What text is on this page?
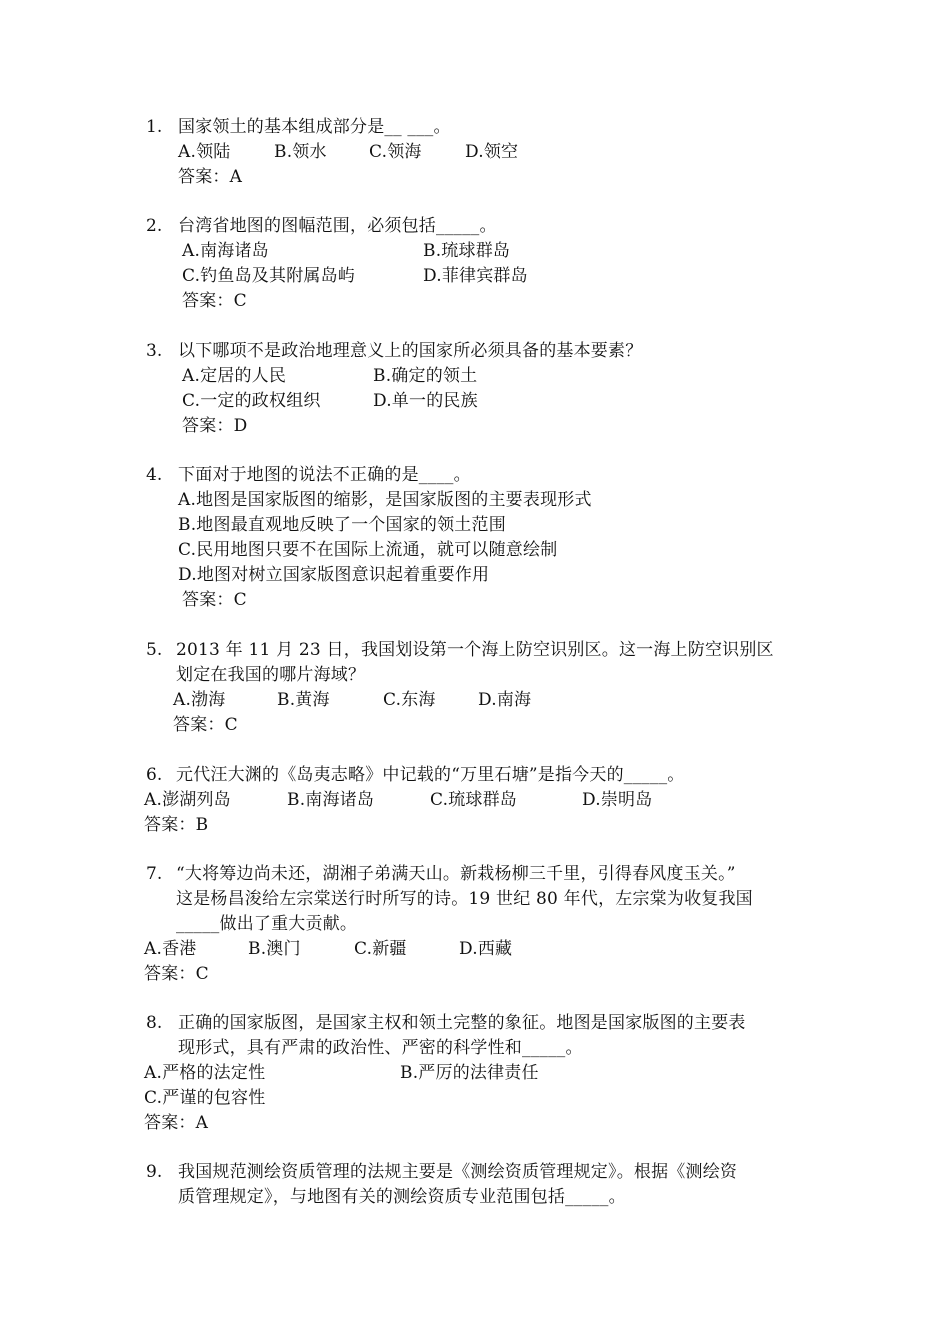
1. 国家领土的基本组成部分是__ ___。
A.领陆	B.领水 C.领海	D.领空
答案：A
2. 台湾省地图的图幅范围，必须包括_____。
A.南海诸岛	B.琉球群岛
C.钓鱼岛及其附属岛屿	D.菲律宾群岛
答案：C
3. 以下哪项不是政治地理意义上的国家所必须具备的基本要素？
A.定居的人民	B.确定的领土
C.一定的政权组织	D.单一的民族
答案：D
4. 下面对于地图的说法不正确的是____。
A.地图是国家版图的缩影，是国家版图的主要表现形式
B.地图最直观地反映了一个国家的领土范围
C.民用地图只要不在国际上流通，就可以随意绘制
D.地图对树立国家版图意识起着重要作用
答案：C
5. 2013 年 11 月 23 日，我国划设第一个海上防空识别区。这一海上防空识别区
划定在我国的哪片海域？
A.渤海	B.黄海	C.东海 D.南海
答案：C
6. 元代汪大渊的《岛夷志略》中记载的“万里石塘”是指今天的_____。
A.澎湖列岛	B.南海诸岛	C.琉球群岛	D.崇明岛
答案：B
7. “大将筹边尚未还，湖湘子弟满天山。新栽杨柳三千里，引得春风度玉关。”
这是杨昌浚给左宗棠送行时所写的诗。19 世纪 80 年代，左宗棠为收复我国
_____做出了重大贡献。
A.香港	B.澳门	C.新疆	D.西藏
答案：C
8. 正确的国家版图，是国家主权和领土完整的象征。地图是国家版图的主要表
现形式，具有严肃的政治性、严密的科学性和_____。
A.严格的法定性	B.严厉的法律责任
C.严谨的包容性
答案：A
9. 我国规范测绘资质管理的法规主要是《测绘资质管理规定》。根据《测绘资
质管理规定》，与地图有关的测绘资质专业范围包括_____。
